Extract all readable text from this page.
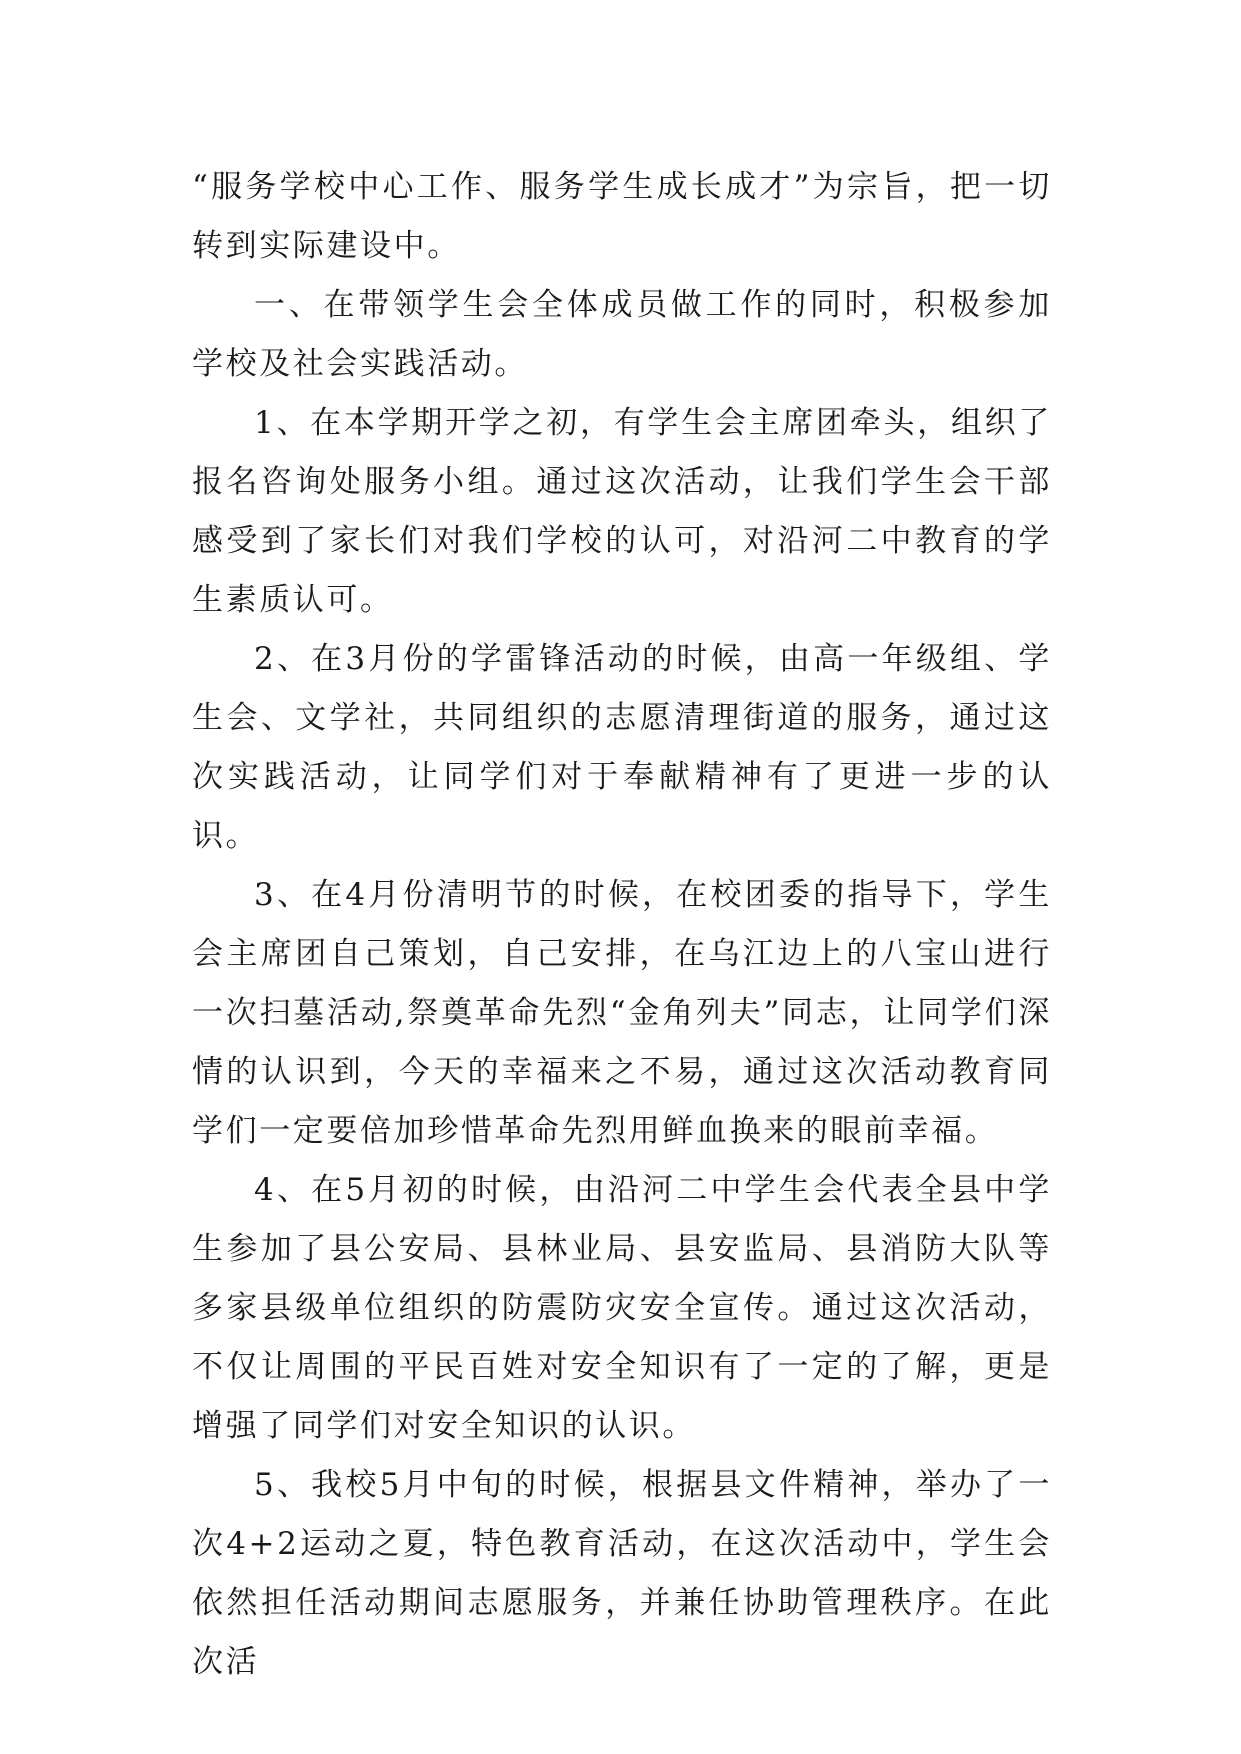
“服务学校中心工作、服务学生成长成才”为宗旨，把一切转到实际建设中。

一、在带领学生会全体成员做工作的同时，积极参加学校及社会实践活动。

1、在本学期开学之初，有学生会主席团牵头，组织了报名咨询处服务小组。通过这次活动，让我们学生会干部感受到了家长们对我们学校的认可，对沿河二中教育的学生素质认可。

2、在3月份的学雷锋活动的时候，由高一年级组、学生会、文学社，共同组织的志愿清理街道的服务，通过这次实践活动，让同学们对于奉献精神有了更进一步的认识。

3、在4月份清明节的时候，在校团委的指导下，学生会主席团自己策划，自己安排，在乌江边上的八宝山进行一次扫墓活动,祭奠革命先烈“金角列夫”同志，让同学们深情的认识到，今天的幸福来之不易，通过这次活动教育同学们一定要倍加珍惜革命先烈用鲜血换来的眼前幸福。

4、在5月初的时候，由沿河二中学生会代表全县中学生参加了县公安局、县林业局、县安监局、县消防大队等多家县级单位组织的防震防灾安全宣传。通过这次活动，不仅让周围的平民百姓对安全知识有了一定的了解，更是增强了同学们对安全知识的认识。

5、我校5月中旬的时候，根据县文件精神，举办了一次4+2运动之夏，特色教育活动，在这次活动中，学生会依然担任活动期间志愿服务，并兼任协助管理秩序。在此次活
